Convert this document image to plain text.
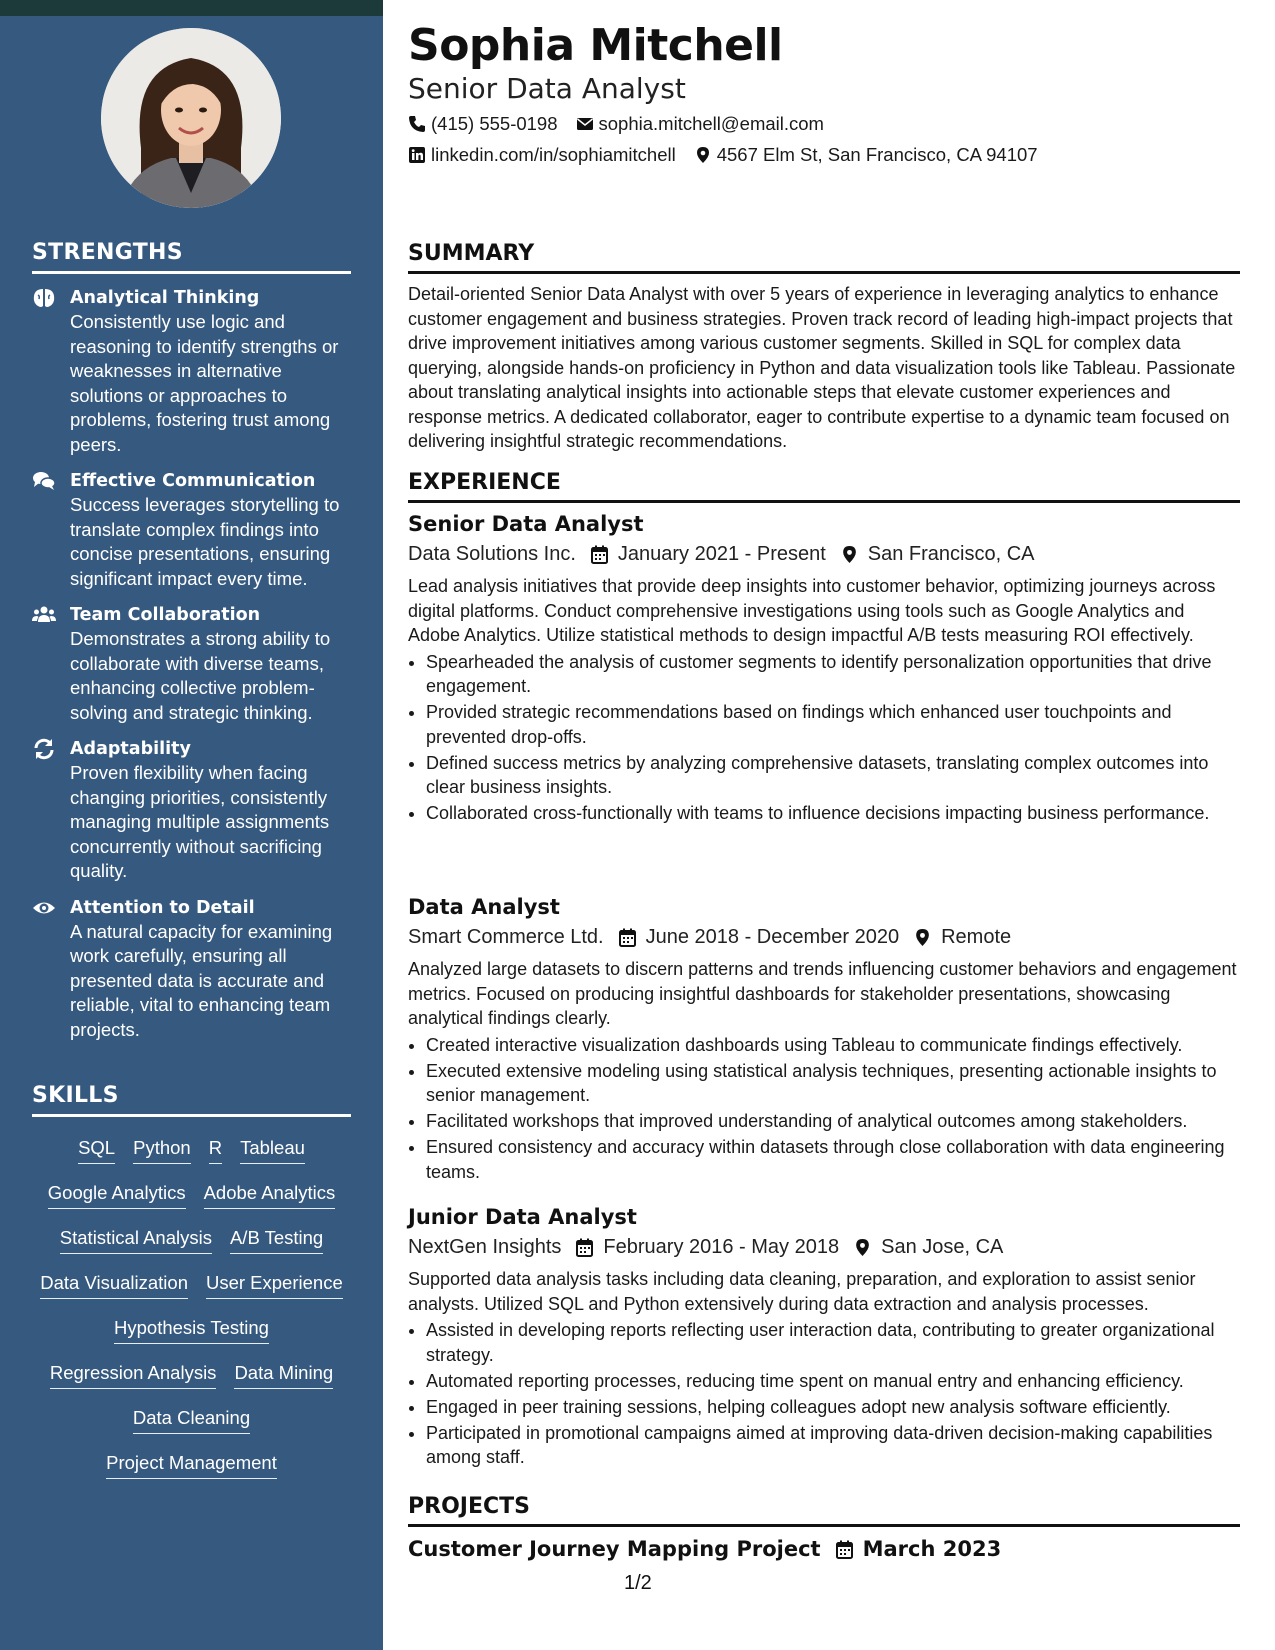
STRENGTHS
Analytical Thinking
Consistently use logic and reasoning to identify strengths or weaknesses in alternative solutions or approaches to problems, fostering trust among peers.
Effective Communication
Success leverages storytelling to translate complex findings into concise presentations, ensuring significant impact every time.
Team Collaboration
Demonstrates a strong ability to collaborate with diverse teams, enhancing collective problem-solving and strategic thinking.
Adaptability
Proven flexibility when facing changing priorities, consistently managing multiple assignments concurrently without sacrificing quality.
Attention to Detail
A natural capacity for examining work carefully, ensuring all presented data is accurate and reliable, vital to enhancing team projects.
SKILLS
SQL Python R Tableau
Google Analytics Adobe Analytics
Statistical Analysis A/B Testing
Data Visualization User Experience
Hypothesis Testing
Regression Analysis Data Mining
Data Cleaning
Project Management
Sophia Mitchell
Senior Data Analyst
(415) 555-0198 sophia.mitchell@email.com
linkedin.com/in/sophiamitchell 4567 Elm St, San Francisco, CA 94107
SUMMARY
Detail-oriented Senior Data Analyst with over 5 years of experience in leveraging analytics to enhance customer engagement and business strategies. Proven track record of leading high-impact projects that drive improvement initiatives among various customer segments. Skilled in SQL for complex data querying, alongside hands-on proficiency in Python and data visualization tools like Tableau. Passionate about translating analytical insights into actionable steps that elevate customer experiences and response metrics. A dedicated collaborator, eager to contribute expertise to a dynamic team focused on delivering insightful strategic recommendations.
EXPERIENCE
Senior Data Analyst
Data Solutions Inc. January 2021 - Present San Francisco, CA
Lead analysis initiatives that provide deep insights into customer behavior, optimizing journeys across digital platforms. Conduct comprehensive investigations using tools such as Google Analytics and Adobe Analytics. Utilize statistical methods to design impactful A/B tests measuring ROI effectively.
• Spearheaded the analysis of customer segments to identify personalization opportunities that drive engagement.
• Provided strategic recommendations based on findings which enhanced user touchpoints and prevented drop-offs.
• Defined success metrics by analyzing comprehensive datasets, translating complex outcomes into clear business insights.
• Collaborated cross-functionally with teams to influence decisions impacting business performance.
Data Analyst
Smart Commerce Ltd. June 2018 - December 2020 Remote
Analyzed large datasets to discern patterns and trends influencing customer behaviors and engagement metrics. Focused on producing insightful dashboards for stakeholder presentations, showcasing analytical findings clearly.
• Created interactive visualization dashboards using Tableau to communicate findings effectively.
• Executed extensive modeling using statistical analysis techniques, presenting actionable insights to senior management.
• Facilitated workshops that improved understanding of analytical outcomes among stakeholders.
• Ensured consistency and accuracy within datasets through close collaboration with data engineering teams.
Junior Data Analyst
NextGen Insights February 2016 - May 2018 San Jose, CA
Supported data analysis tasks including data cleaning, preparation, and exploration to assist senior analysts. Utilized SQL and Python extensively during data extraction and analysis processes.
• Assisted in developing reports reflecting user interaction data, contributing to greater organizational strategy.
• Automated reporting processes, reducing time spent on manual entry and enhancing efficiency.
• Engaged in peer training sessions, helping colleagues adopt new analysis software efficiently.
• Participated in promotional campaigns aimed at improving data-driven decision-making capabilities among staff.
PROJECTS
Customer Journey Mapping Project March 2023
1/2
